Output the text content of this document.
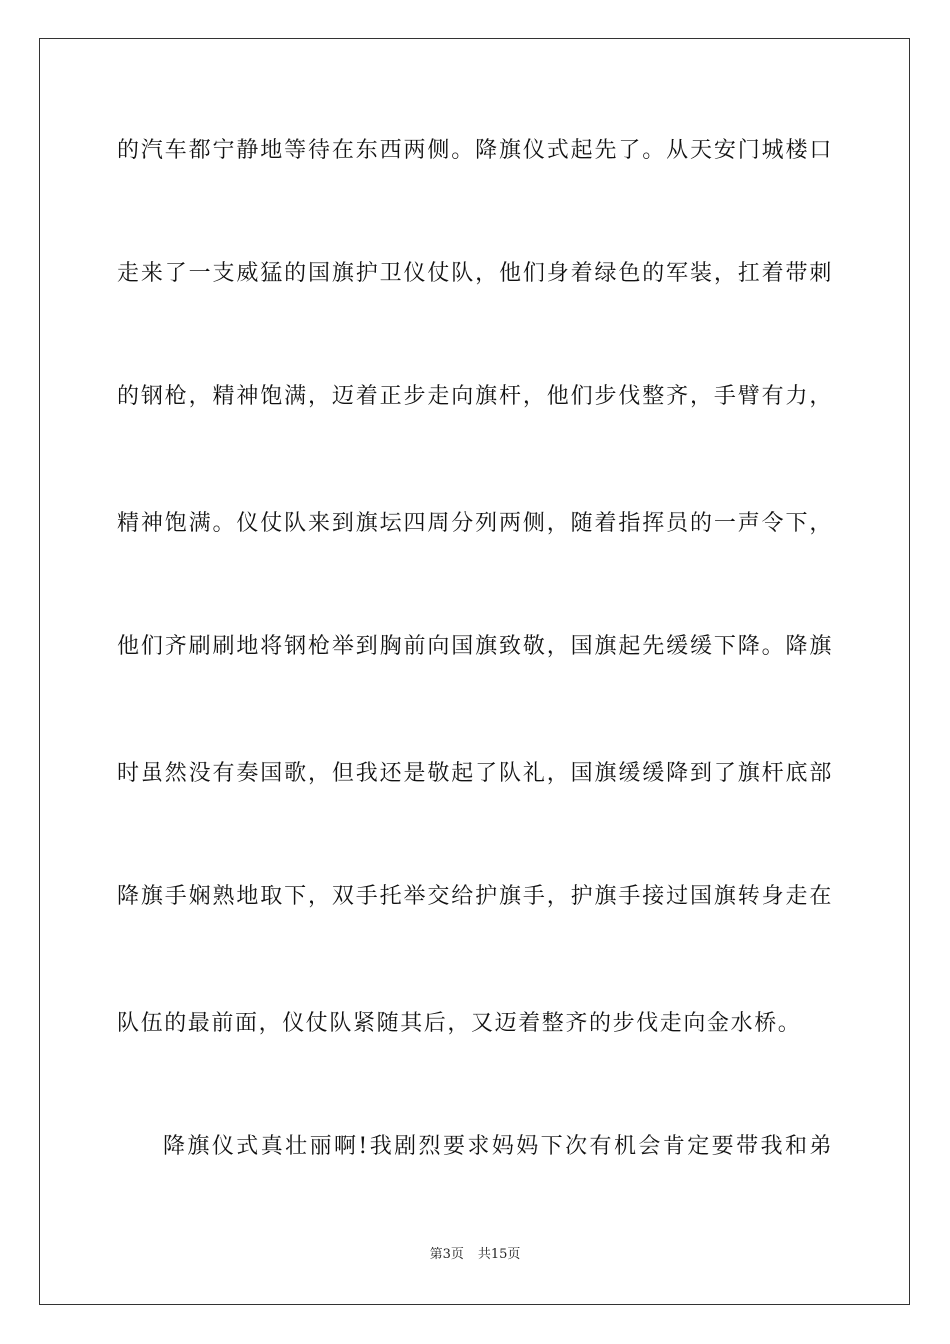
的汽车都宁静地等待在东西两侧。降旗仪式起先了。从天安门城楼口
走来了一支威猛的国旗护卫仪仗队，他们身着绿色的军装，扛着带刺
的钢枪，精神饱满，迈着正步走向旗杆，他们步伐整齐，手臂有力，
精神饱满。仪仗队来到旗坛四周分列两侧，随着指挥员的一声令下，
他们齐刷刷地将钢枪举到胸前向国旗致敬，国旗起先缓缓下降。降旗
时虽然没有奏国歌，但我还是敬起了队礼，国旗缓缓降到了旗杆底部
降旗手娴熟地取下，双手托举交给护旗手，护旗手接过国旗转身走在
队伍的最前面，仪仗队紧随其后，又迈着整齐的步伐走向金水桥。
降旗仪式真壮丽啊!我剧烈要求妈妈下次有机会肯定要带我和弟
第3页 共15页
